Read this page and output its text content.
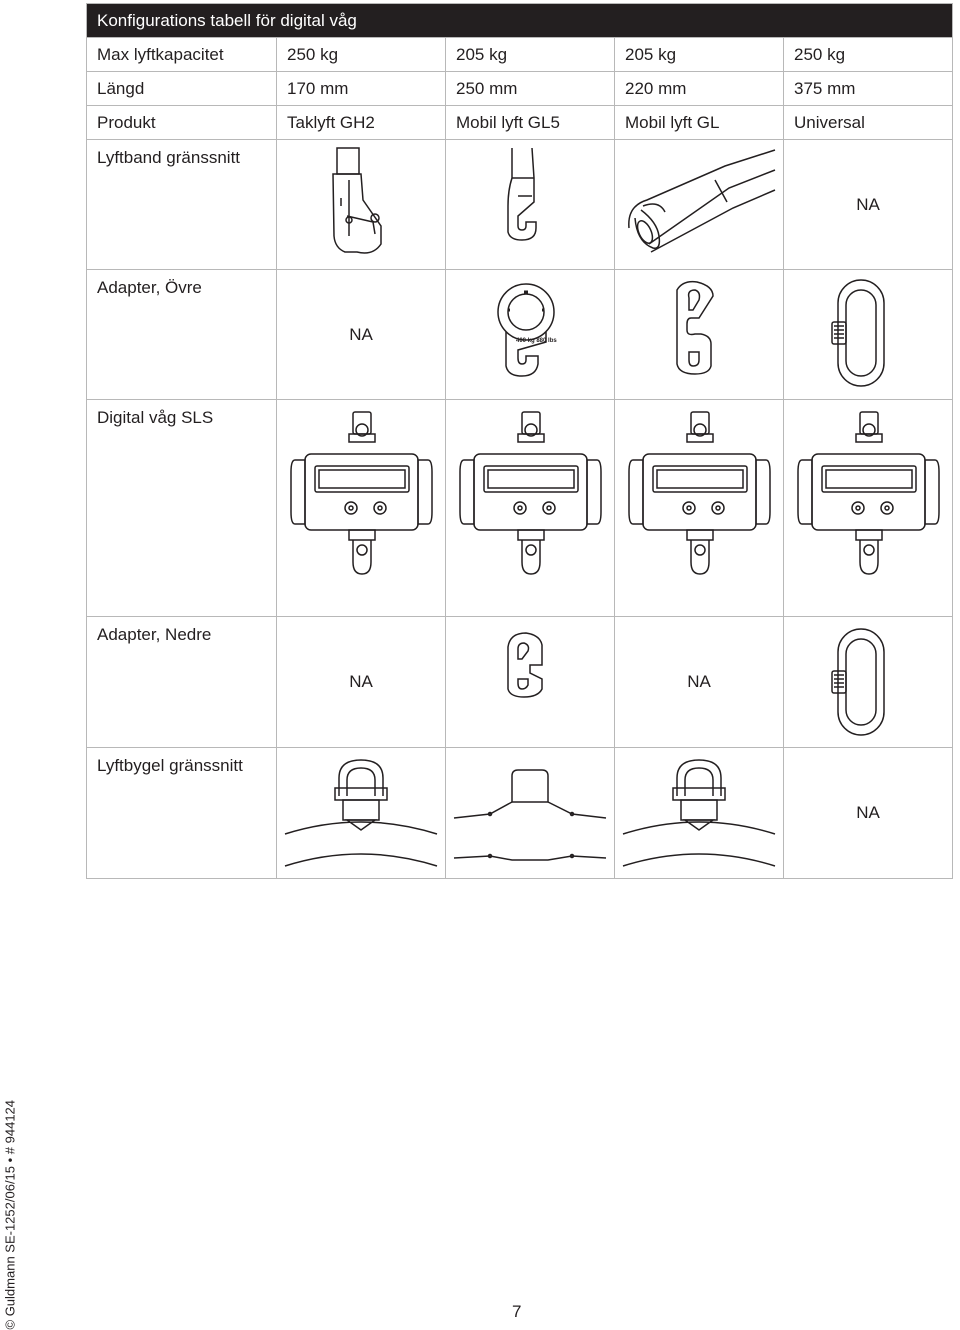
Konfigurations tabell för digital våg				
Max lyftkapacitet	250 kg	205 kg	205 kg	250 kg
Längd	170 mm	250 mm	220 mm	375 mm
Produkt	Taklyft GH2	Mobil lyft GL5	Mobil lyft GL	Universal
Lyftband gränssnitt				NA
Adapter, Övre	NA	400 kg 880 lbs

Digital våg SLS	

Adapter, Nedre	NA		NA	

Lyftbygel gränssnitt				NA
© Guldmann SE-1252/06/15 • # 944124	7
